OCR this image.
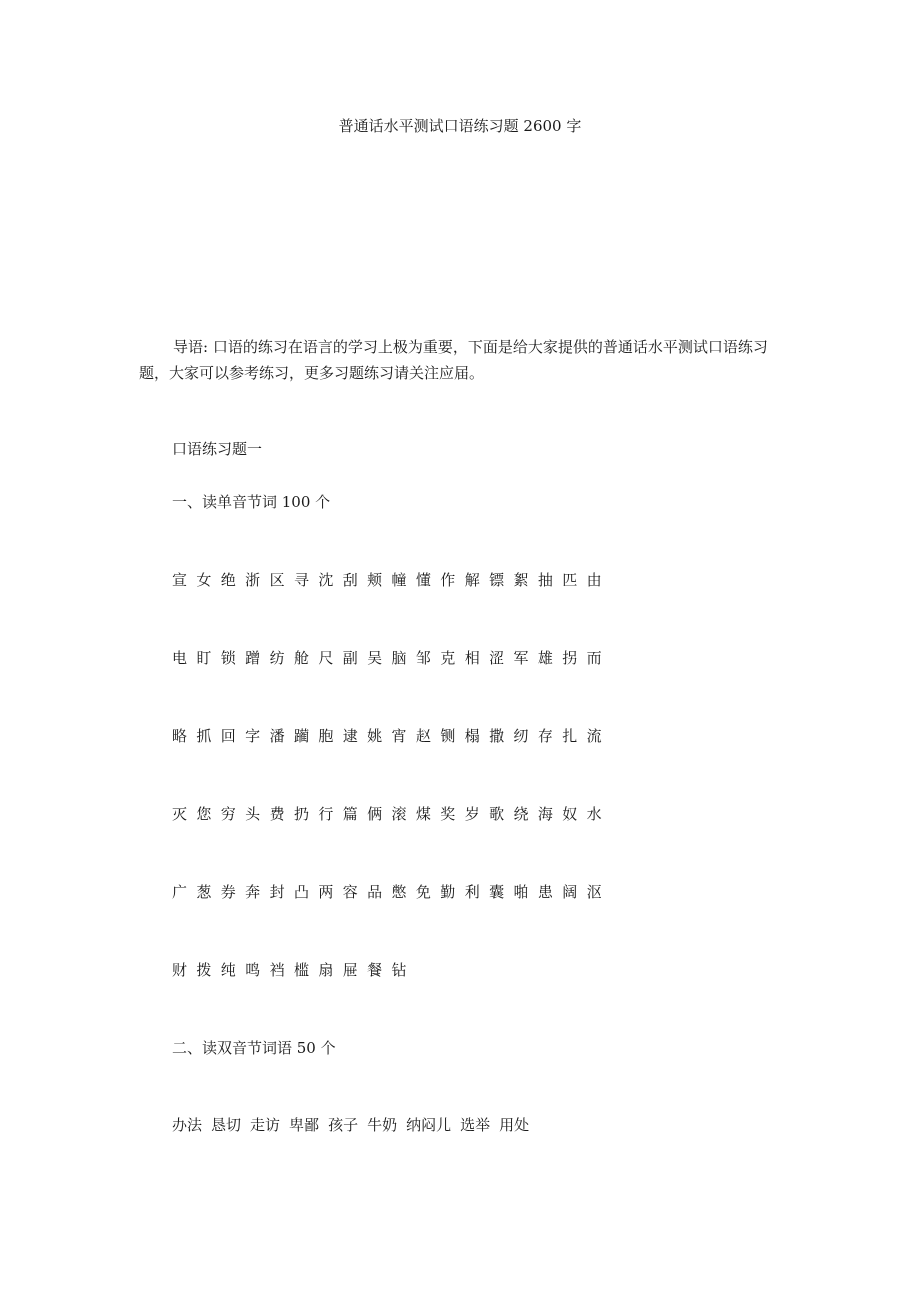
普通话水平测试口语练习题 2600 字
导语: 口语的练习在语言的学习上极为重要，下面是给大家提供的普通话水平测试口语练习题，大家可以参考练习，更多习题练习请关注应届。
口语练习题一
一、读单音节词 100 个
宣 女 绝 浙 区 寻 沈 刮 颊 幢 懂 作 解 镖 絮 抽 匹 由
电 盯 锁 蹭 纺 舱 尺 副 吴 脑 邹 克 相 涩 军 雄 拐 而
略 抓 回 字 潘 躏 胞 逮 姚 宵 赵 铡 榻 撒 纫 存 扎 流
灭 您 穷 头 费 扔 行 篇 俩 滚 煤 奖 岁 歌 绕 海 奴 水
广 葱 券 奔 封 凸 两 容 品 憋 免 勤 利 囊 啪 患 阔 沤
财 拨 纯 鸣 裆 槛 扇 屉 餐 钻
二、读双音节词语 50 个
办法 恳切 走访 卑鄙 孩子 牛奶 纳闷儿 选举 用处
